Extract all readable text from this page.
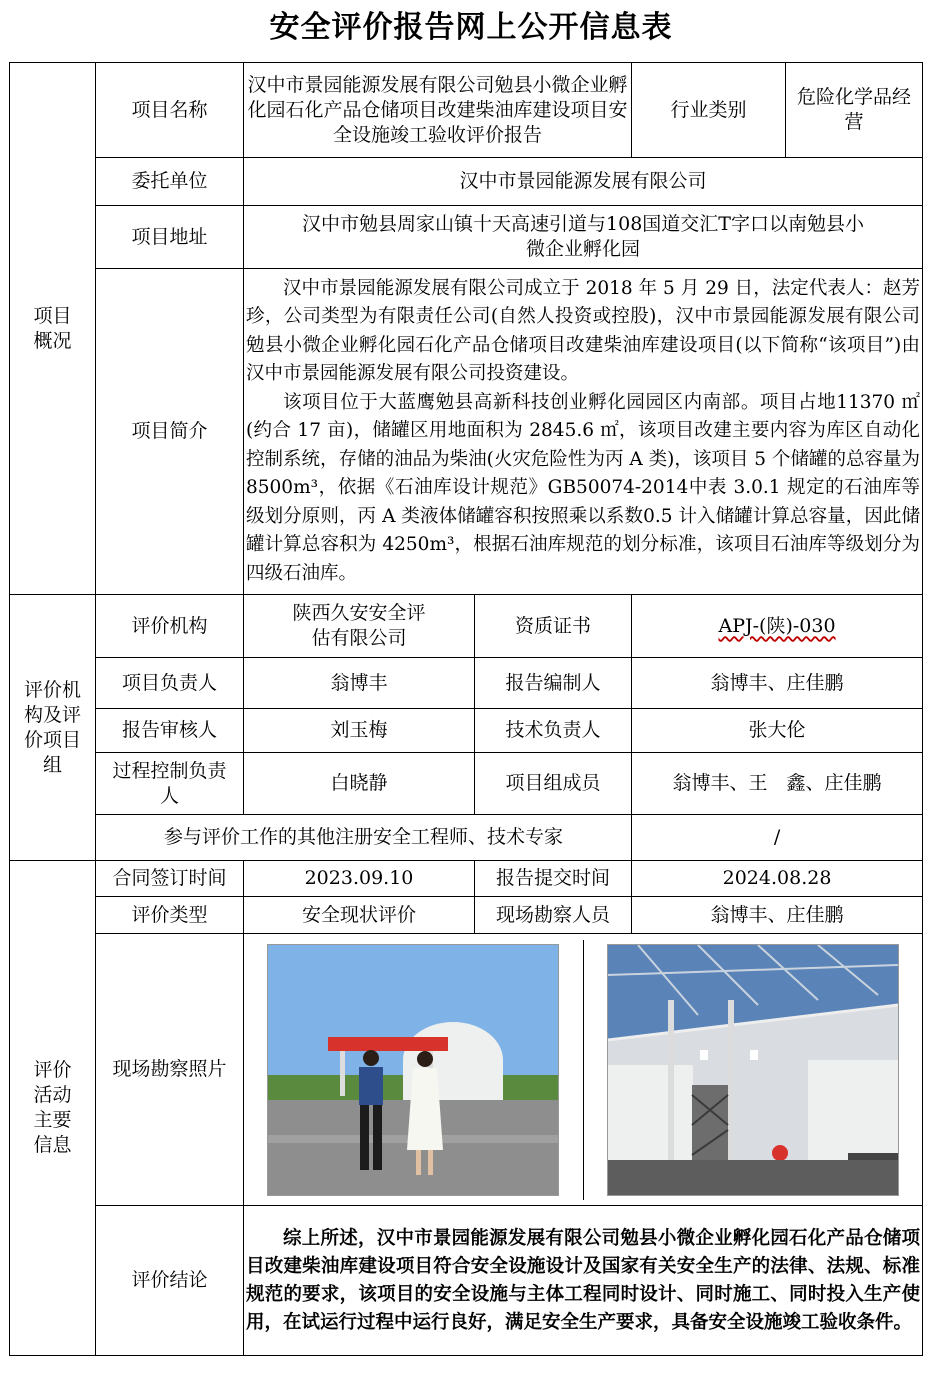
安全评价报告网上公开信息表
项目概况	项目名称	汉中市景园能源发展有限公司勉县小微企业孵化园石化产品仓储项目改建柴油库建设项目安全设施竣工验收评价报告		行业类别	危险化学品经营
	委托单位	汉中市景园能源发展有限公司			
	项目地址	汉中市勉县周家山镇十天高速引道与108国道交汇T字口以南勉县小微企业孵化园			

	项目简介	汉中市景园能源发展有限公司成立于 2018 年 5 月 29 日，法定代表人：赵芳珍，公司类型为有限责任公司(自然人投资或控股)，汉中市景园能源发展有限公司勉县小微企业孵化园石化产品仓储项目改建柴油库建设项目(以下简称“该项目”)由汉中市景园能源发展有限公司投资建设。

该项目位于大蓝鹰勉县高新科技创业孵化园园区内南部。项目占地11370 ㎡(约合 17 亩)，储罐区用地面积为 2845.6 ㎡，该项目改建主要内容为库区自动化控制系统，存储的油品为柴油(火灾危险性为丙 A 类)，该项目 5 个储罐的总容量为 8500m³，依据《石油库设计规范》GB50074-2014中表 3.0.1 规定的石油库等级划分原则，丙 A 类液体储罐容积按照乘以系数0.5 计入储罐计算总容量，因此储罐计算总容积为 4250m³，根据石油库规范的划分标准，该项目石油库等级划分为四级石油库。			

评价机构及评价项目组	评价机构	陕西久安安全评估有限公司	资质证书	APJ-(陕)-030	
	项目负责人	翁博丰	报告编制人	翁博丰、庄佳鹏	
	报告审核人	刘玉梅	技术负责人	张大伦	

	过程控制负责人	白晓静	项目组成员	翁博丰、王　鑫、庄佳鹏	
	参与评价工作的其他注册安全工程师、技术专家			/	

评价活动主要信息	合同签订时间	2023.09.10	报告提交时间	2024.08.28	
	评价类型	安全现状评价	现场勘察人员	翁博丰、庄佳鹏	
	现场勘察照片	

	评价结论	综上所述，汉中市景园能源发展有限公司勉县小微企业孵化园石化产品仓储项目改建柴油库建设项目符合安全设施设计及国家有关安全生产的法律、法规、标准规范的要求，该项目的安全设施与主体工程同时设计、同时施工、同时投入生产使用，在试运行过程中运行良好，满足安全生产要求，具备安全设施竣工验收条件。			
